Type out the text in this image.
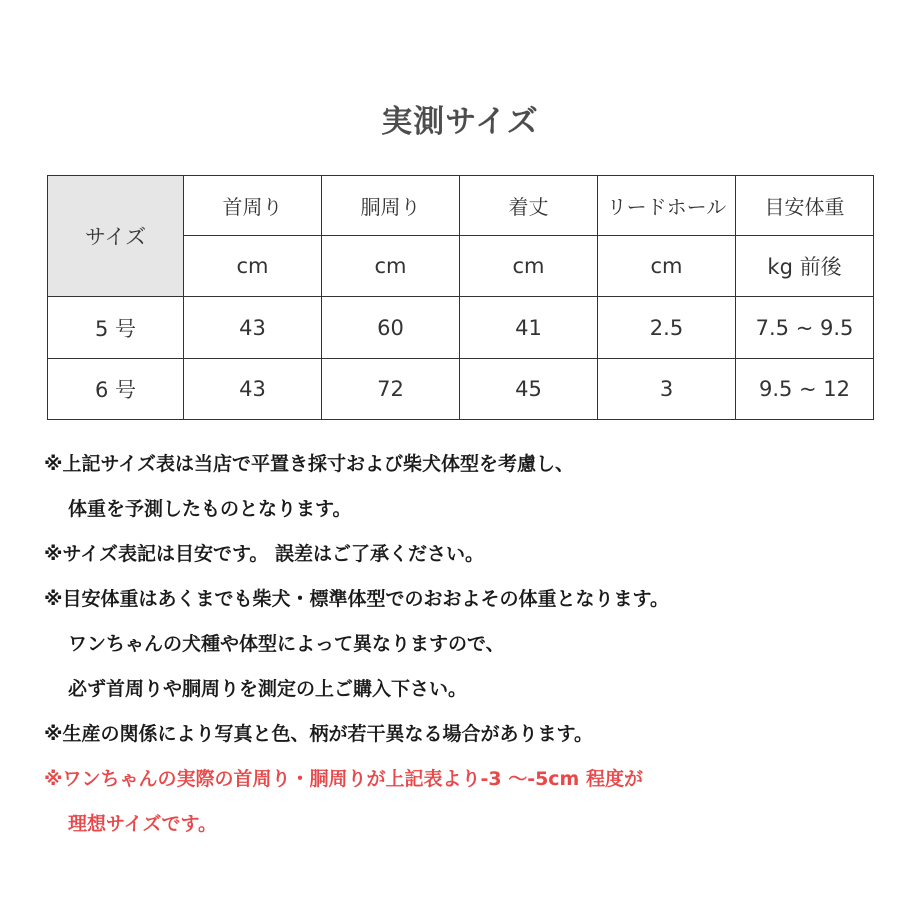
実測サイズ
サイズ	首周り	胴周り	着丈	リードホール	目安体重
	cm	cm	cm	cm	kg 前後
5 号	43	60	41	2.5	7.5 ~ 9.5
6 号	43	72	45	3	9.5 ~ 12
※上記サイズ表は当店で平置き採寸および柴犬体型を考慮し、
体重を予測したものとなります。
※サイズ表記は目安です。 誤差はご了承ください。
※目安体重はあくまでも柴犬・標準体型でのおおよその体重となります。
ワンちゃんの犬種や体型によって異なりますので、
必ず首周りや胴周りを測定の上ご購入下さい。
※生産の関係により写真と色、柄が若干異なる場合があります。
※ワンちゃんの実際の首周り・胴周りが上記表より-3 ～-5cm 程度が
理想サイズです。
